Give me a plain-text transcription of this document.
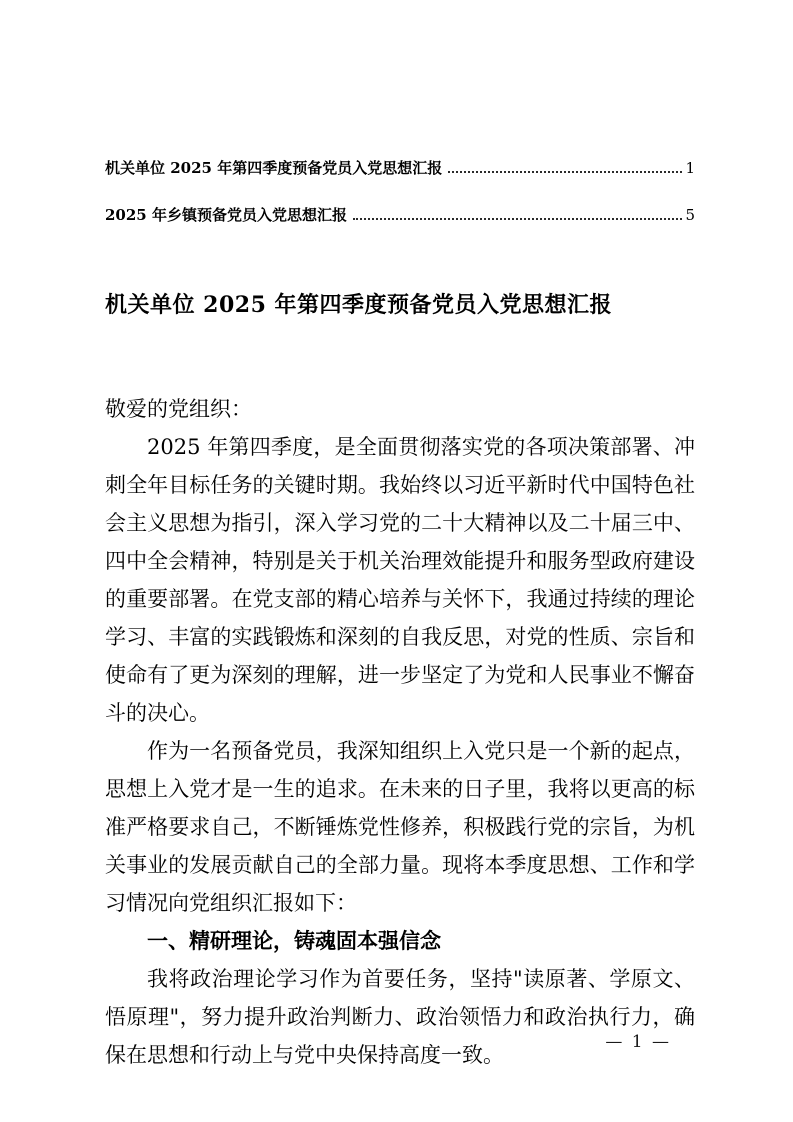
机关单位 2025 年第四季度预备党员入党思想汇报	1
2025 年乡镇预备党员入党思想汇报	5
机关单位 2025 年第四季度预备党员入党思想汇报

敬爱的党组织：

2025 年第四季度，是全面贯彻落实党的各项决策部署、冲刺全年目标任务的关键时期。我始终以习近平新时代中国特色社会主义思想为指引，深入学习党的二十大精神以及二十届三中、四中全会精神，特别是关于机关治理效能提升和服务型政府建设的重要部署。在党支部的精心培养与关怀下，我通过持续的理论学习、丰富的实践锻炼和深刻的自我反思，对党的性质、宗旨和使命有了更为深刻的理解，进一步坚定了为党和人民事业不懈奋斗的决心。

作为一名预备党员，我深知组织上入党只是一个新的起点，思想上入党才是一生的追求。在未来的日子里，我将以更高的标准严格要求自己，不断锤炼党性修养，积极践行党的宗旨，为机关事业的发展贡献自己的全部力量。现将本季度思想、工作和学习情况向党组织汇报如下：

一、精研理论，铸魂固本强信念

我将政治理论学习作为首要任务，坚持"读原著、学原文、悟原理"，努力提升政治判断力、政治领悟力和政治执行力，确保在思想和行动上与党中央保持高度一致。

— 1 —
